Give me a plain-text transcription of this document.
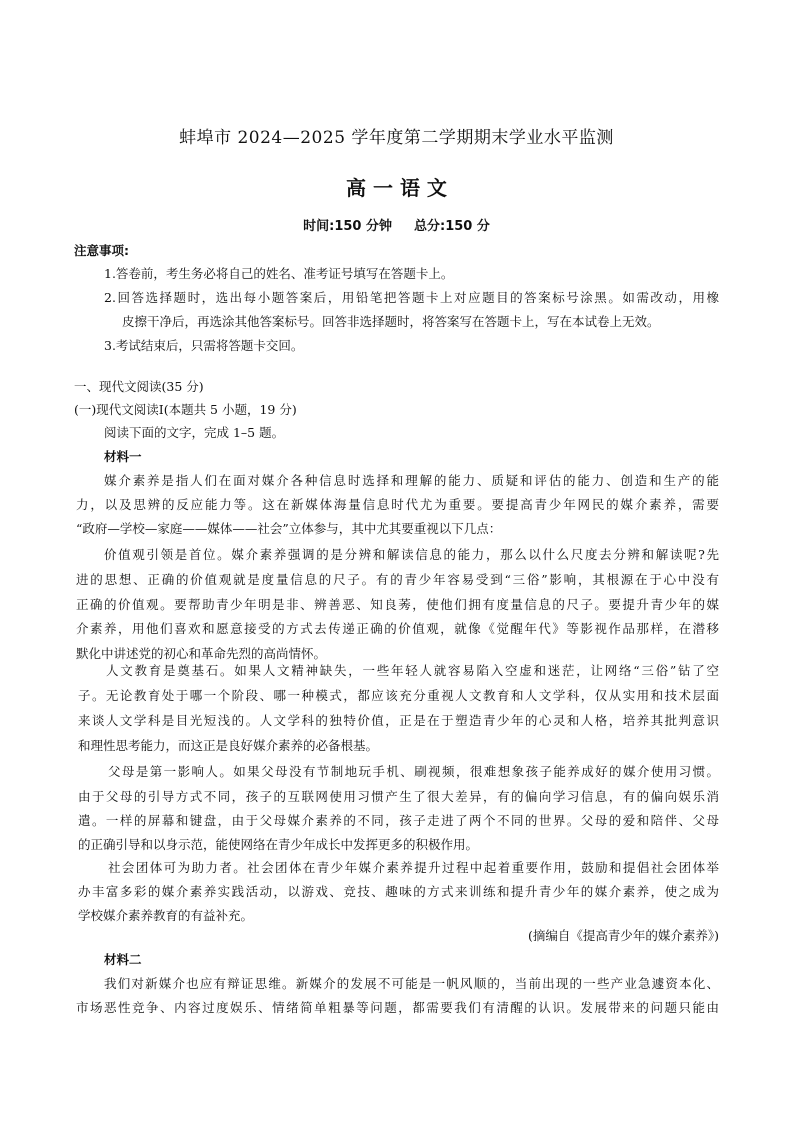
蚌埠市 2024—2025 学年度第二学期期末学业水平监测
高 一 语 文
时间:150 分钟 总分:150 分
注意事项:
1.答卷前，考生务必将自己的姓名、准考证号填写在答题卡上。
2.回答选择题时，选出每小题答案后，用铅笔把答题卡上对应题目的答案标号涂黑。如需改动，用橡
皮擦干净后，再选涂其他答案标号。回答非选择题时，将答案写在答题卡上，写在本试卷上无效。
3.考试结束后，只需将答题卡交回。
一、现代文阅读(35 分)
(一)现代文阅读Ⅰ(本题共 5 小题，19 分)
阅读下面的文字，完成 1–5 题。
材料一
媒介素养是指人们在面对媒介各种信息时选择和理解的能力、质疑和评估的能力、创造和生产的能
力，以及思辨的反应能力等。这在新媒体海量信息时代尤为重要。要提高青少年网民的媒介素养，需要
“政府—学校—家庭——媒体——社会”立体参与，其中尤其要重视以下几点：
价值观引领是首位。媒介素养强调的是分辨和解读信息的能力，那么以什么尺度去分辨和解读呢?先
进的思想、正确的价值观就是度量信息的尺子。有的青少年容易受到“三俗”影响，其根源在于心中没有
正确的价值观。要帮助青少年明是非、辨善恶、知良莠，使他们拥有度量信息的尺子。要提升青少年的媒
介素养，用他们喜欢和愿意接受的方式去传递正确的价值观，就像《觉醒年代》等影视作品那样，在潜移
默化中讲述党的初心和革命先烈的高尚情怀。
人文教育是奠基石。如果人文精神缺失，一些年轻人就容易陷入空虚和迷茫，让网络“三俗”钻了空
子。无论教育处于哪一个阶段、哪一种模式，都应该充分重视人文教育和人文学科，仅从实用和技术层面
来谈人文学科是目光短浅的。人文学科的独特价值，正是在于塑造青少年的心灵和人格，培养其批判意识
和理性思考能力，而这正是良好媒介素养的必备根基。
父母是第一影响人。如果父母没有节制地玩手机、刷视频，很难想象孩子能养成好的媒介使用习惯。
由于父母的引导方式不同，孩子的互联网使用习惯产生了很大差异，有的偏向学习信息，有的偏向娱乐消
遣。一样的屏幕和键盘，由于父母媒介素养的不同，孩子走进了两个不同的世界。父母的爱和陪伴、父母
的正确引导和以身示范，能使网络在青少年成长中发挥更多的积极作用。
社会团体可为助力者。社会团体在青少年媒介素养提升过程中起着重要作用，鼓励和提倡社会团体举
办丰富多彩的媒介素养实践活动，以游戏、竞技、趣味的方式来训练和提升青少年的媒介素养，使之成为
学校媒介素养教育的有益补充。
(摘编自《提高青少年的媒介素养》)
材料二
我们对新媒介也应有辩证思维。新媒介的发展不可能是一帆风顺的，当前出现的一些产业急遽资本化、
市场恶性竞争、内容过度娱乐、情绪简单粗暴等问题，都需要我们有清醒的认识。发展带来的问题只能由
